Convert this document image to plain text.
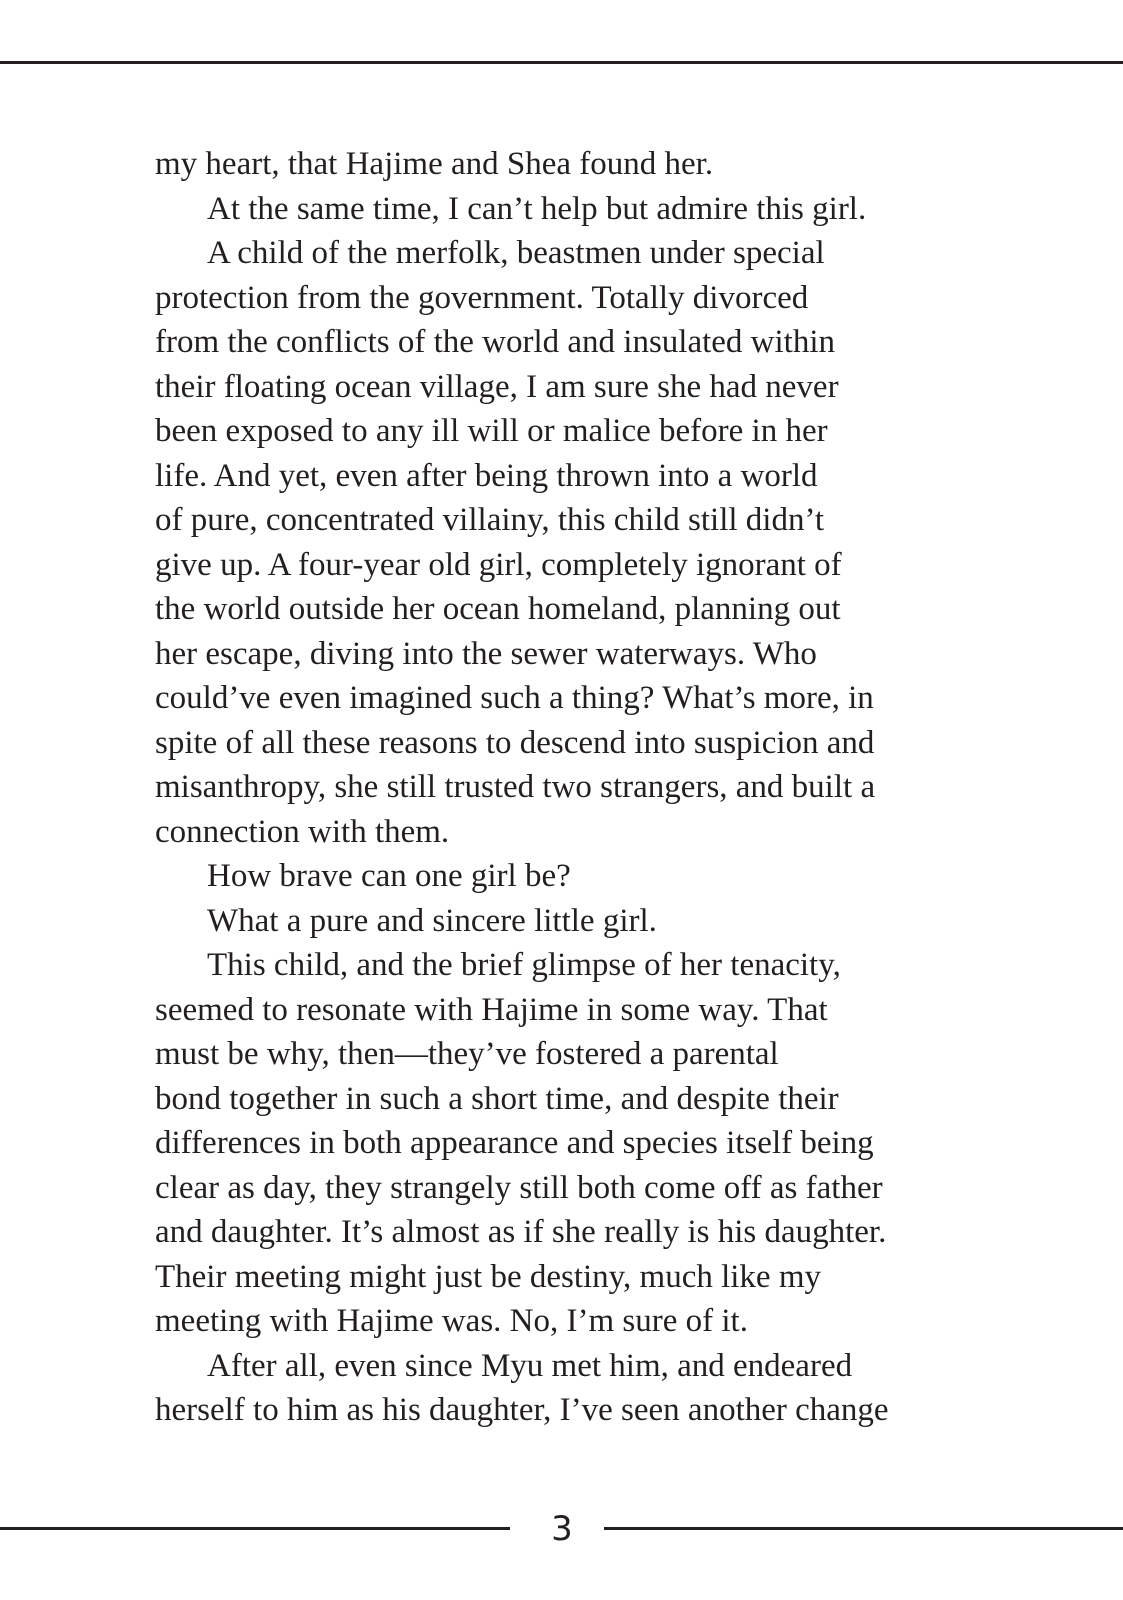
my heart, that Hajime and Shea found her.
At the same time, I can’t help but admire this girl.
A child of the merfolk, beastmen under special
protection from the government. Totally divorced
from the conflicts of the world and insulated within
their floating ocean village, I am sure she had never
been exposed to any ill will or malice before in her
life. And yet, even after being thrown into a world
of pure, concentrated villainy, this child still didn’t
give up. A four-year old girl, completely ignorant of
the world outside her ocean homeland, planning out
her escape, diving into the sewer waterways. Who
could’ve even imagined such a thing? What’s more, in
spite of all these reasons to descend into suspicion and
misanthropy, she still trusted two strangers, and built a
connection with them.
How brave can one girl be?
What a pure and sincere little girl.
This child, and the brief glimpse of her tenacity,
seemed to resonate with Hajime in some way. That
must be why, then—they’ve fostered a parental
bond together in such a short time, and despite their
differences in both appearance and species itself being
clear as day, they strangely still both come off as father
and daughter. It’s almost as if she really is his daughter.
Their meeting might just be destiny, much like my
meeting with Hajime was. No, I’m sure of it.
After all, even since Myu met him, and endeared
herself to him as his daughter, I’ve seen another change
3
